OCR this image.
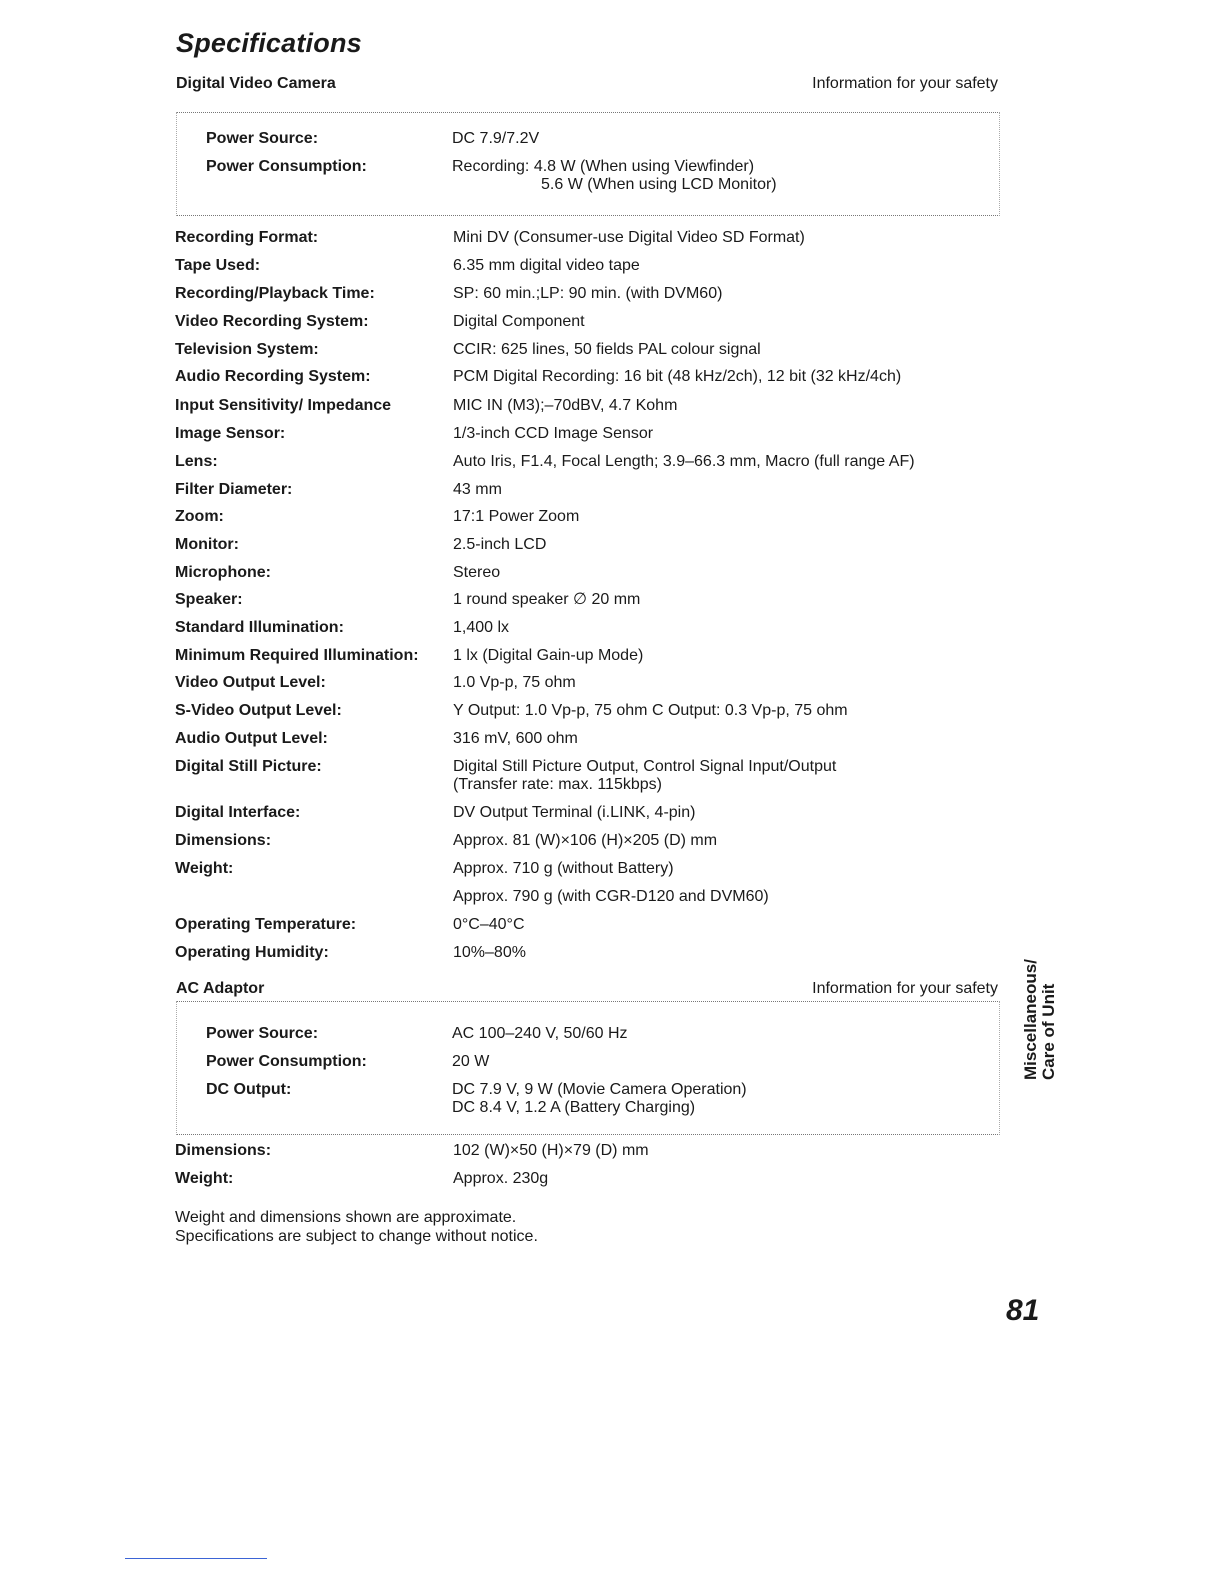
Specifications
Digital Video Camera	Information for your safety
Power Source:	DC 7.9/7.2V
Power Consumption:	Recording: 4.8 W (When using Viewfinder)
5.6 W (When using LCD Monitor)
Recording Format:	Mini DV (Consumer-use Digital Video SD Format)
Tape Used:	6.35 mm digital video tape
Recording/Playback Time:	SP: 60 min.;LP: 90 min. (with DVM60)
Video Recording System:	Digital Component
Television System:	CCIR: 625 lines, 50 fields PAL colour signal
Audio Recording System:	PCM Digital Recording: 16 bit (48 kHz/2ch), 12 bit (32 kHz/4ch)
Input Sensitivity/ Impedance	MIC IN (M3);–70dBV, 4.7 Kohm
Image Sensor:	1/3-inch CCD Image Sensor
Lens:	Auto Iris, F1.4, Focal Length; 3.9–66.3 mm, Macro (full range AF)
Filter Diameter:	43 mm
Zoom:	17:1 Power Zoom
Monitor:	2.5-inch LCD
Microphone:	Stereo
Speaker:	1 round speaker ∅ 20 mm
Standard Illumination:	1,400 lx
Minimum Required Illumination:	1 lx (Digital Gain-up Mode)
Video Output Level:	1.0 Vp-p, 75 ohm
S-Video Output Level:	Y Output: 1.0 Vp-p, 75 ohm C Output: 0.3 Vp-p, 75 ohm
Audio Output Level:	316 mV, 600 ohm
Digital Still Picture:	Digital Still Picture Output, Control Signal Input/Output
(Transfer rate: max. 115kbps)
Digital Interface:	DV Output Terminal (i.LINK, 4-pin)
Dimensions:	Approx. 81 (W)×106 (H)×205 (D) mm
Weight:	Approx. 710 g (without Battery)
Approx. 790 g (with CGR-D120 and DVM60)
Operating Temperature:	0°C–40°C
Operating Humidity:	10%–80%
AC Adaptor	Information for your safety
Power Source:	AC 100–240 V, 50/60 Hz
Power Consumption:	20 W
DC Output:	DC 7.9 V, 9 W (Movie Camera Operation)
DC 8.4 V, 1.2 A (Battery Charging)
Dimensions:	102 (W)×50 (H)×79 (D) mm
Weight:	Approx. 230g
Weight and dimensions shown are approximate.
Specifications are subject to change without notice.
Miscellaneous/ Care of Unit
81
